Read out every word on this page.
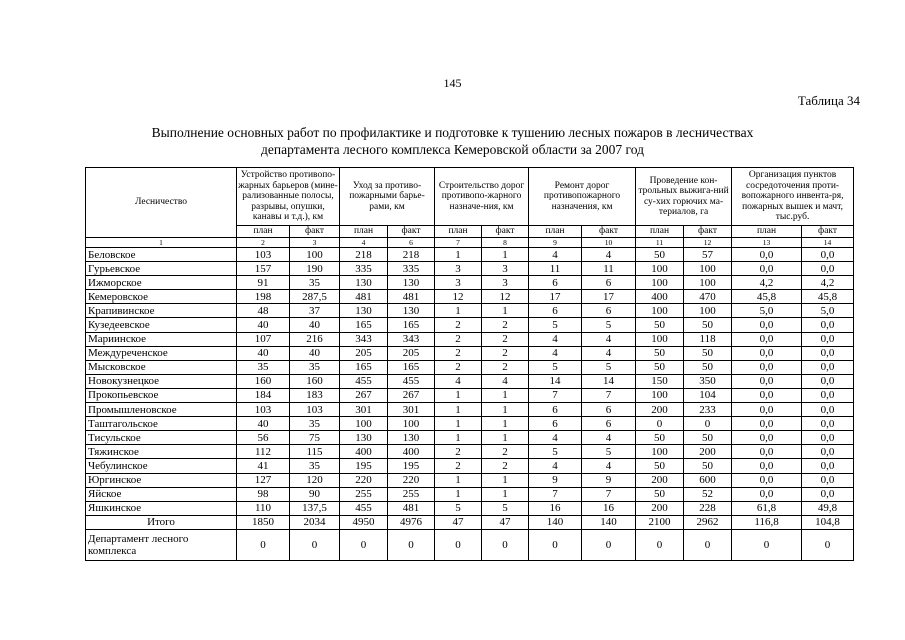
145
Таблица 34
Выполнение основных работ по профилактике и подготовке к тушению лесных пожаров в лесничествах
департамента лесного комплекса Кемеровской области за 2007 год
Лесничество	Устройство противопо-жарных барьеров (мине-рализованные полосы, разрывы, опушки, канавы и т.д.), км		Уход за противо-пожарными барье-рами, км		Строительство дорог противопо-жарного назначе-ния, км		Ремонт дорог противопожарного назначения, км		Проведение кон-трольных выжига-ний су-хих горючих ма-териалов, га		Организация пунктов сосредоточения проти-вопожарного инвента-ря, пожарных вышек и мачт, тыс.руб.	
	план	факт	план	факт	план	факт	план	факт	план	факт	план	факт
1	2	3	4	6	7	8	9	10	11	12	13	14
Беловское	103	100	218	218	1	1	4	4	50	57	0,0	0,0
Гурьевское	157	190	335	335	3	3	11	11	100	100	0,0	0,0
Ижморское	91	35	130	130	3	3	6	6	100	100	4,2	4,2
Кемеровское	198	287,5	481	481	12	12	17	17	400	470	45,8	45,8
Крапивинское	48	37	130	130	1	1	6	6	100	100	5,0	5,0
Кузедеевское	40	40	165	165	2	2	5	5	50	50	0,0	0,0
Мариинское	107	216	343	343	2	2	4	4	100	118	0,0	0,0
Междуреченское	40	40	205	205	2	2	4	4	50	50	0,0	0,0
Мысковское	35	35	165	165	2	2	5	5	50	50	0,0	0,0
Новокузнецкое	160	160	455	455	4	4	14	14	150	350	0,0	0,0
Прокопьевское	184	183	267	267	1	1	7	7	100	104	0,0	0,0
Промышленовское	103	103	301	301	1	1	6	6	200	233	0,0	0,0
Таштагольское	40	35	100	100	1	1	6	6	0	0	0,0	0,0
Тисульское	56	75	130	130	1	1	4	4	50	50	0,0	0,0
Тяжинское	112	115	400	400	2	2	5	5	100	200	0,0	0,0
Чебулинское	41	35	195	195	2	2	4	4	50	50	0,0	0,0
Юргинское	127	120	220	220	1	1	9	9	200	600	0,0	0,0
Яйское	98	90	255	255	1	1	7	7	50	52	0,0	0,0
Яшкинское	110	137,5	455	481	5	5	16	16	200	228	61,8	49,8
Итого	1850	2034	4950	4976	47	47	140	140	2100	2962	116,8	104,8
Департамент лесного комплекса	0	0	0	0	0	0	0	0	0	0	0	0
